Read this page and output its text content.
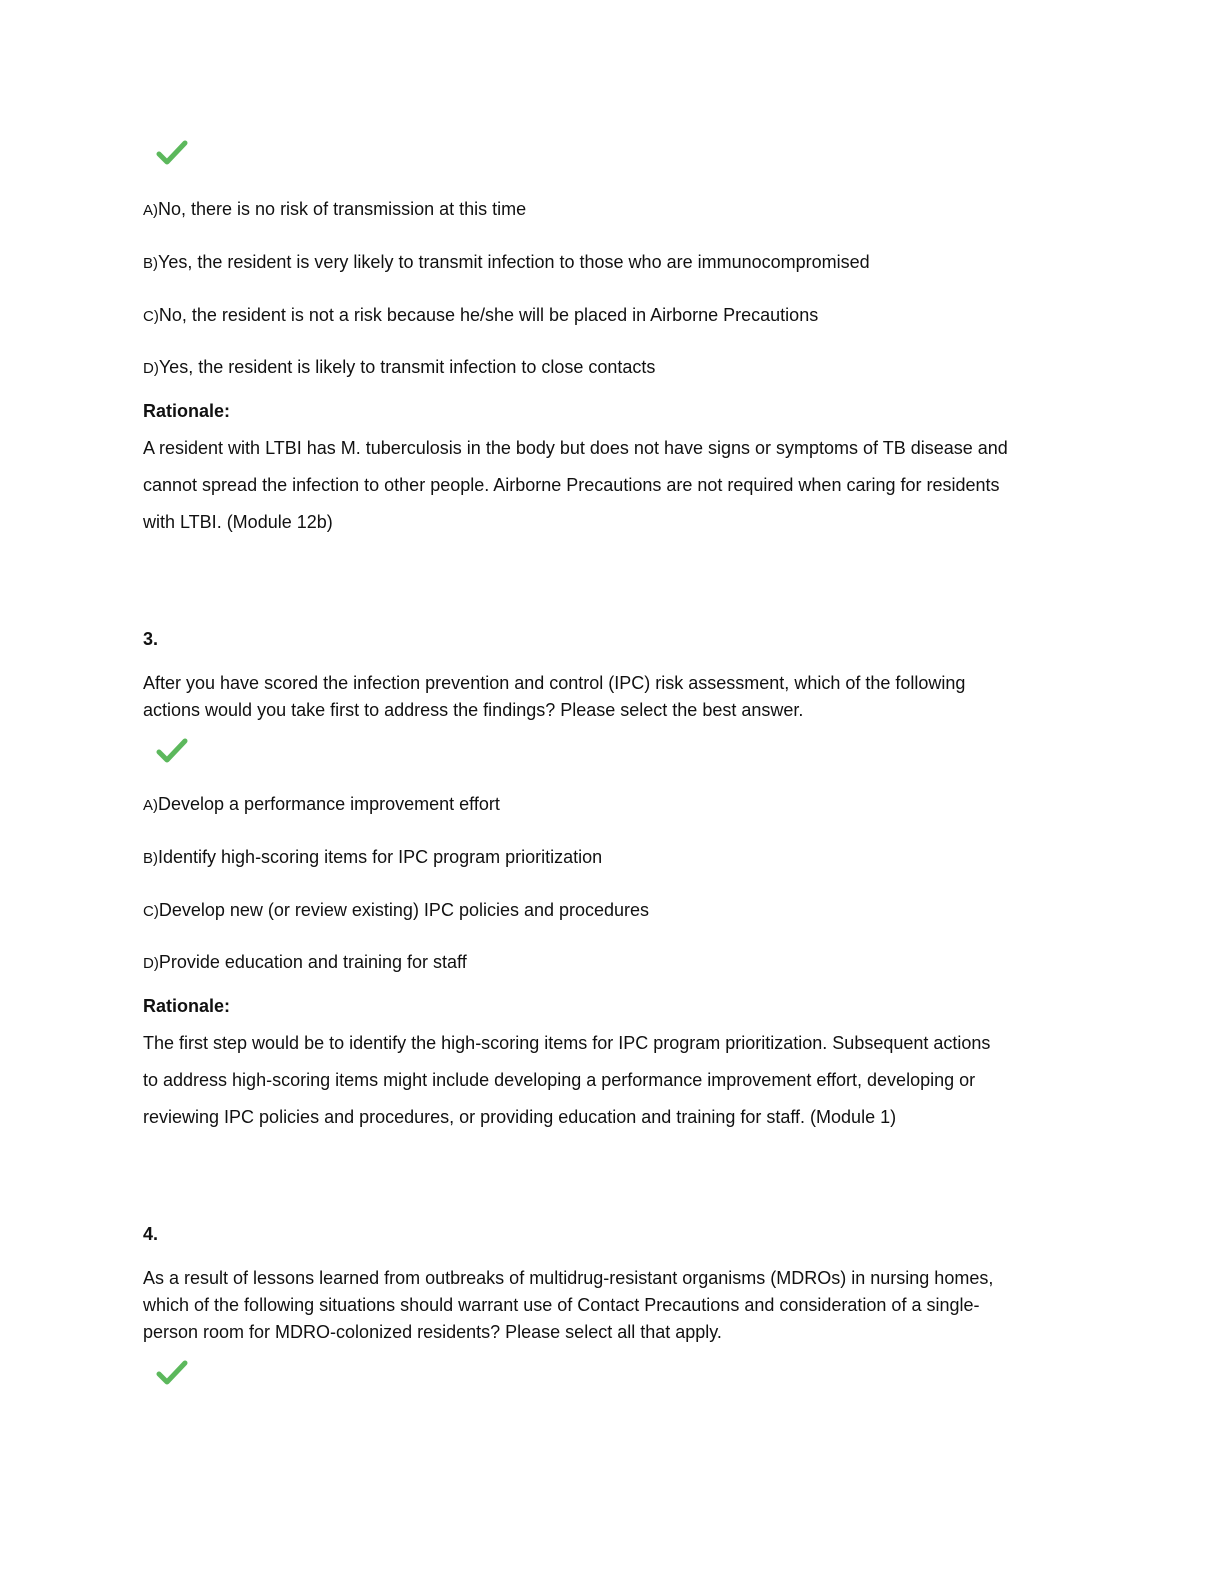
A)No, there is no risk of transmission at this time
B)Yes, the resident is very likely to transmit infection to those who are immunocompromised
C)No, the resident is not a risk because he/she will be placed in Airborne Precautions
D)Yes, the resident is likely to transmit infection to close contacts
Rationale:
A resident with LTBI has M. tuberculosis in the body but does not have signs or symptoms of TB disease and
cannot spread the infection to other people. Airborne Precautions are not required when caring for residents
with LTBI. (Module 12b)
3.
After you have scored the infection prevention and control (IPC) risk assessment, which of the following
actions would you take first to address the findings? Please select the best answer.
A)Develop a performance improvement effort
B)Identify high-scoring items for IPC program prioritization
C)Develop new (or review existing) IPC policies and procedures
D)Provide education and training for staff
Rationale:
The first step would be to identify the high-scoring items for IPC program prioritization. Subsequent actions
to address high-scoring items might include developing a performance improvement effort, developing or
reviewing IPC policies and procedures, or providing education and training for staff. (Module 1)
4.
As a result of lessons learned from outbreaks of multidrug-resistant organisms (MDROs) in nursing homes,
which of the following situations should warrant use of Contact Precautions and consideration of a single-
person room for MDRO-colonized residents? Please select all that apply.
